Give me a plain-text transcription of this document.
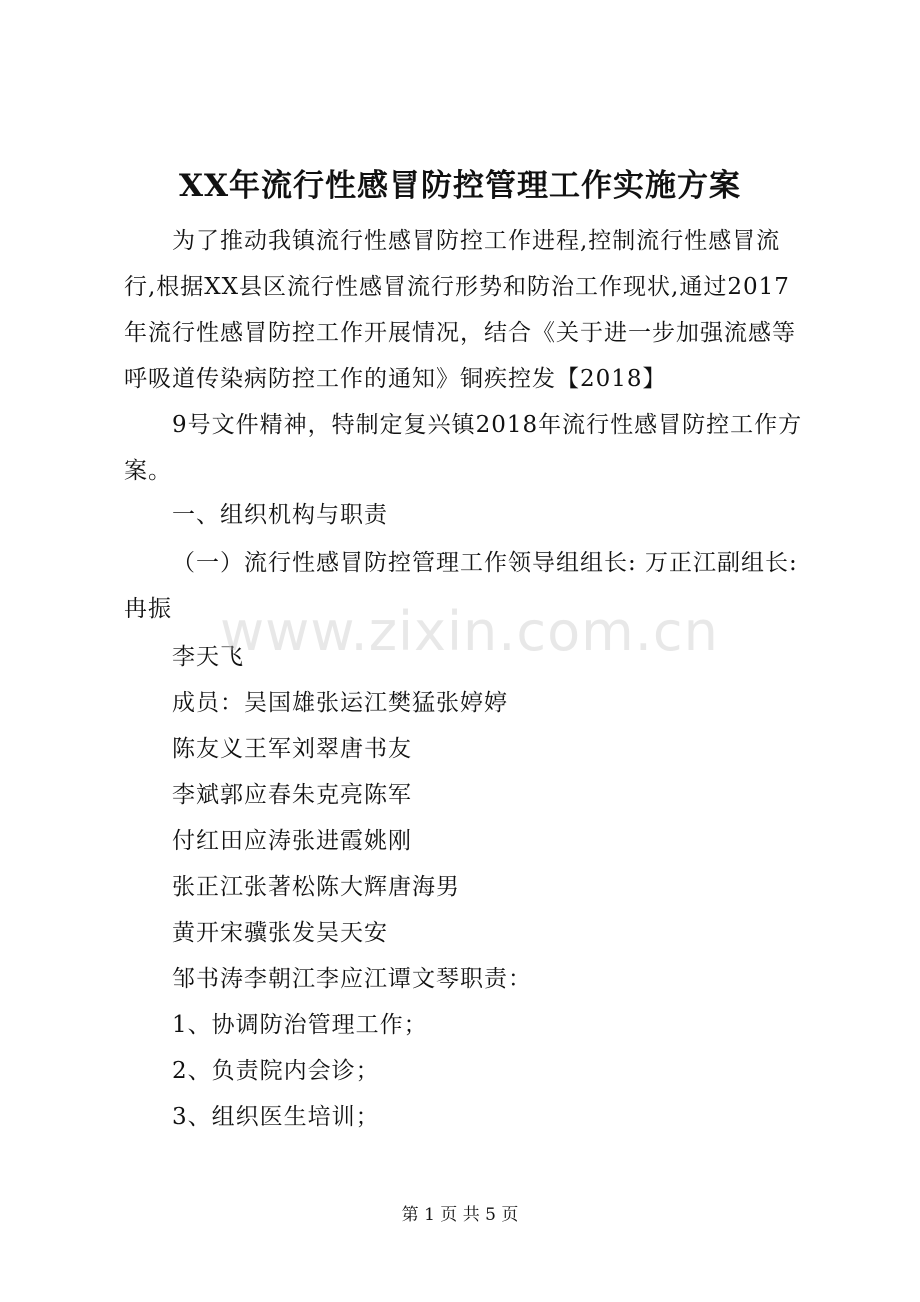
XX年流行性感冒防控管理工作实施方案
为了推动我镇流行性感冒防控工作进程,控制流行性感冒流行,根据XX县区流行性感冒流行形势和防治工作现状,通过2017年流行性感冒防控工作开展情况，结合《关于进一步加强流感等呼吸道传染病防控工作的通知》铜疾控发【2018】
9号文件精神，特制定复兴镇2018年流行性感冒防控工作方案。
一、组织机构与职责
（一）流行性感冒防控管理工作领导组组长: 万正江副组长: 冉振
李天飞
成员：吴国雄张运江樊猛张婷婷
陈友义王军刘翠唐书友
李斌郭应春朱克亮陈军
付红田应涛张进霞姚刚
张正江张著松陈大辉唐海男
黄开宋骥张发吴天安
邹书涛李朝江李应江谭文琴职责：
1、协调防治管理工作；
2、负责院内会诊；
3、组织医生培训；
www.zixin.com.cn
第 1 页 共 5 页
